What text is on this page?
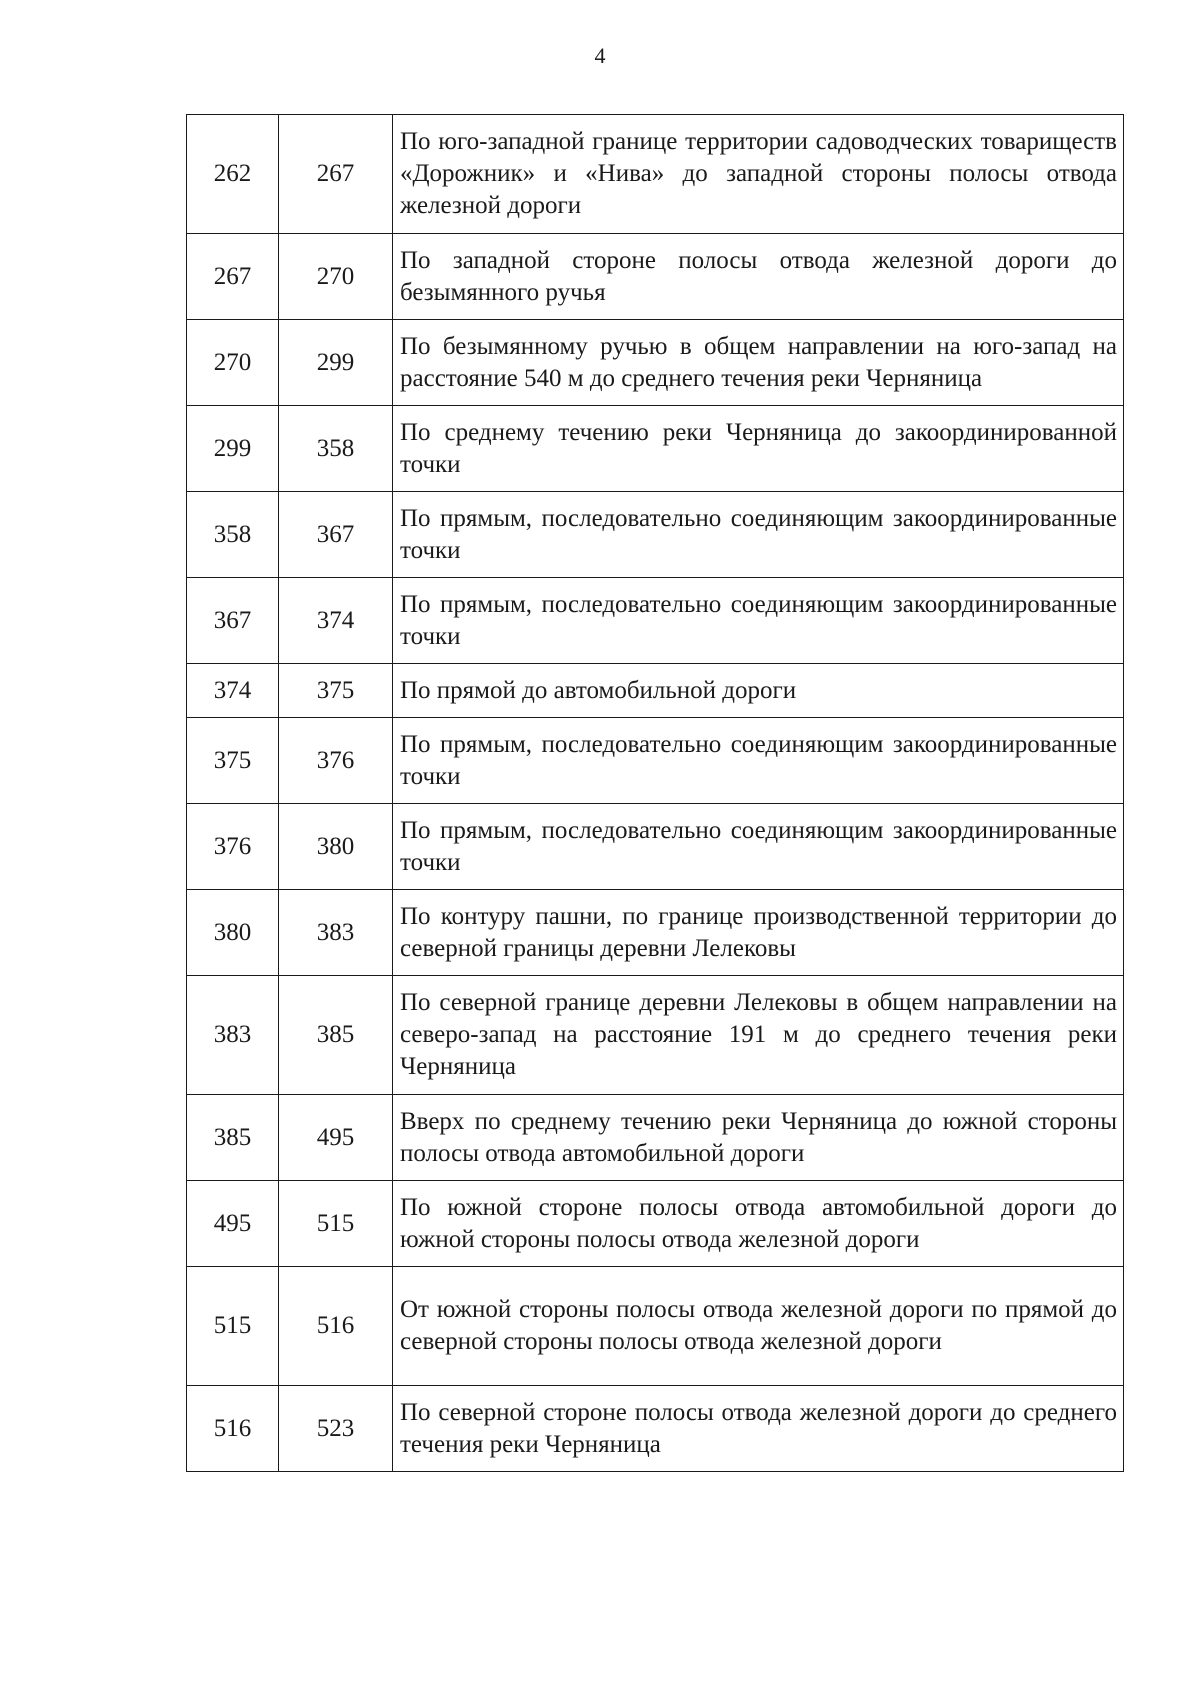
4
262	267	По юго-западной границе территории садоводческих товариществ «Дорожник» и «Нива» до западной стороны полосы отвода железной дороги
267	270	По западной стороне полосы отвода железной дороги до безымянного ручья
270	299	По безымянному ручью в общем направлении на юго-запад на расстояние 540 м до среднего течения реки Черняница
299	358	По среднему течению реки Черняница до закоординированной точки
358	367	По прямым, последовательно соединяющим закоординированные точки
367	374	По прямым, последовательно соединяющим закоординированные точки
374	375	По прямой до автомобильной дороги
375	376	По прямым, последовательно соединяющим закоординированные точки
376	380	По прямым, последовательно соединяющим закоординированные точки
380	383	По контуру пашни, по границе производственной территории до северной границы деревни Лелековы
383	385	По северной границе деревни Лелековы в общем направлении на северо-запад на расстояние 191 м до среднего течения реки Черняница
385	495	Вверх по среднему течению реки Черняница до южной стороны полосы отвода автомобильной дороги
495	515	По южной стороне полосы отвода автомобильной дороги до южной стороны полосы отвода железной дороги
515	516	От южной стороны полосы отвода железной дороги по прямой до северной стороны полосы отвода железной дороги
516	523	По северной стороне полосы отвода железной дороги до среднего течения реки Черняница
